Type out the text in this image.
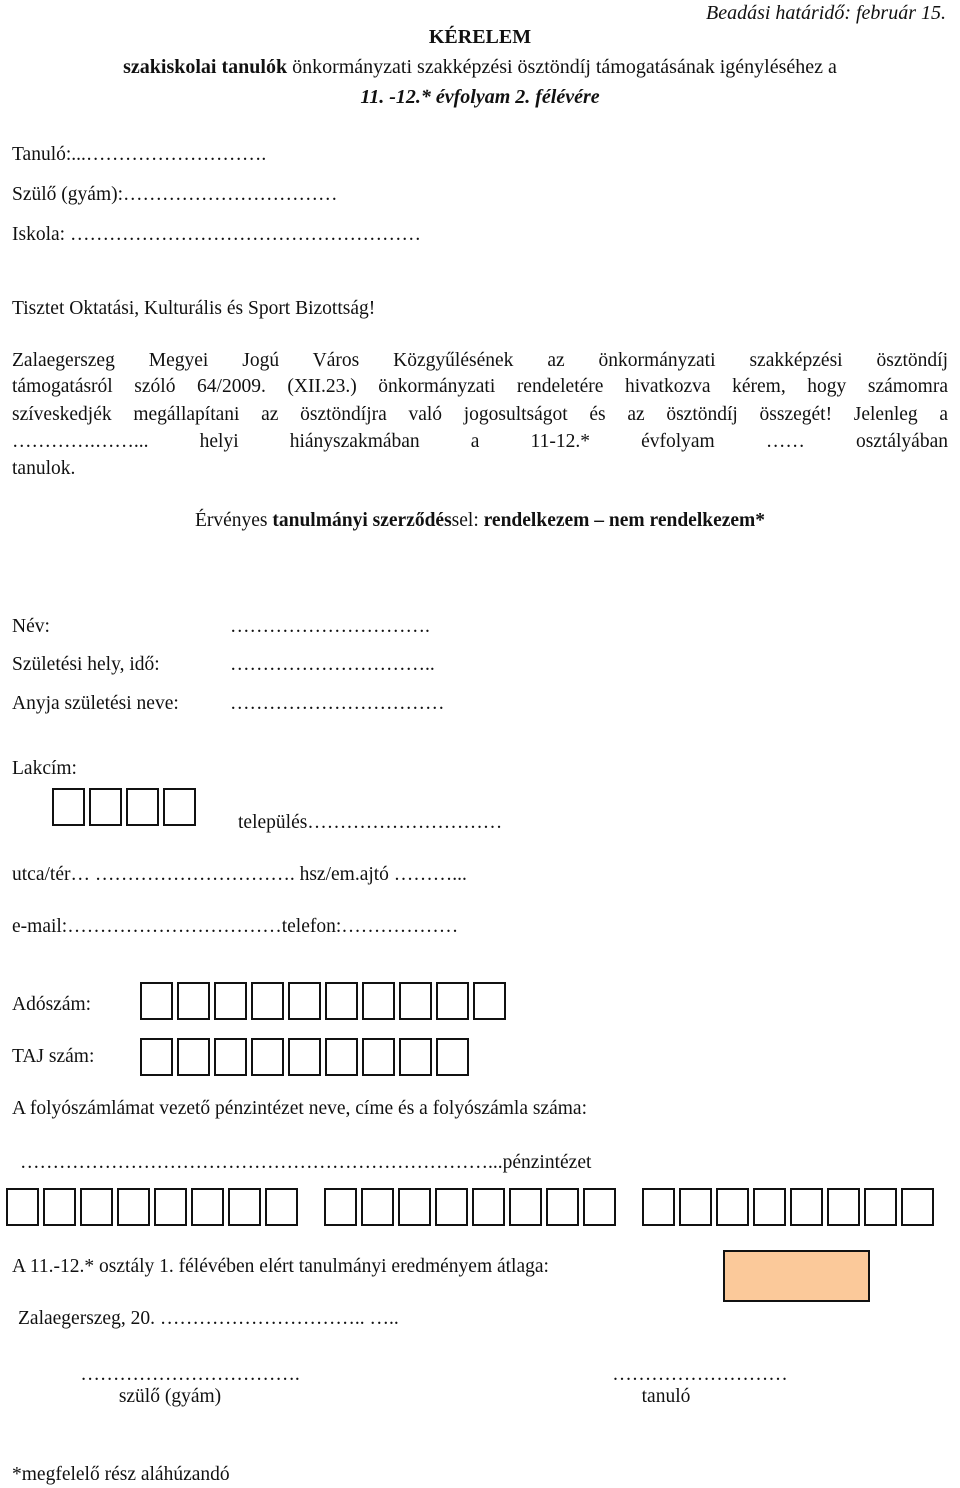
Beadási határidő: február 15.
KÉRELEM
szakiskolai tanulók önkormányzati szakképzési ösztöndíj támogatásának igényléséhez a
11. -12.* évfolyam 2. félévére
Tanuló:...……………………….
Szülő (gyám):……………………………
Iskola: ………………………………………………
Tisztet Oktatási, Kulturális és Sport Bizottság!
Zalaegerszeg Megyei Jogú Város Közgyűlésének az önkormányzati szakképzési ösztöndíj
támogatásról szóló 64/2009. (XII.23.) önkormányzati rendeletére hivatkozva kérem, hogy számomra
szíveskedjék megállapítani az ösztöndíjra való jogosultságot és az ösztöndíj összegét! Jelenleg a
………….……... helyi hiányszakmában a 11-12.* évfolyam …… osztályában
tanulok.
Érvényes tanulmányi szerződéssel: rendelkezem – nem rendelkezem*
Név:	………………………….
Születési hely, idő:	…………………………..
Anyja születési neve:	……………………………
Lakcím:
település…………………………
utca/tér… …………………………. hsz/em.ajtó ………...
e-mail:……………………………telefon:………………
Adószám:
TAJ szám:
A folyószámlámat vezető pénzintézet neve, címe és a folyószámla száma:
………………………………………………………………...pénzintézet
A 11.-12.* osztály 1. félévében elért tanulmányi eredményem átlaga:
Zalaegerszeg, 20. ………………………….. …..
…………………………….
szülő (gyám)
………………………
tanuló
*megfelelő rész aláhúzandó
